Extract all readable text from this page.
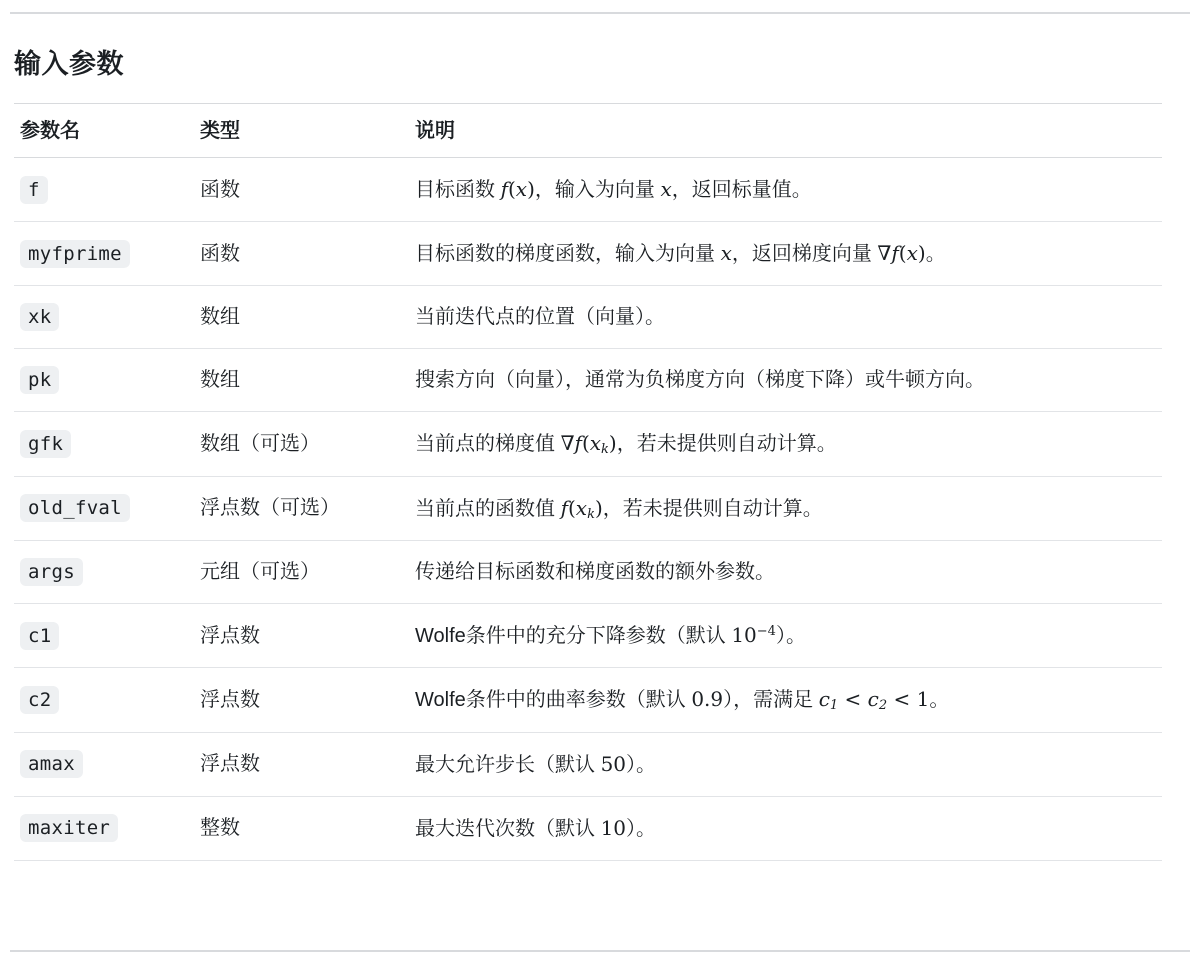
输入参数
参数名	类型	说明
f	函数	目标函数 f(x)，输入为向量 x，返回标量值。
myfprime	函数	目标函数的梯度函数，输入为向量 x，返回梯度向量 ∇f(x)。
xk	数组	当前迭代点的位置（向量）。
pk	数组	搜索方向（向量），通常为负梯度方向（梯度下降）或牛顿方向。
gfk	数组（可选）	当前点的梯度值 $\nabla f(x_k)$，若未提供则自动计算。
old_fval	浮点数（可选）	当前点的函数值 $f(x_k)$，若未提供则自动计算。
args	元组（可选）	传递给目标函数和梯度函数的额外参数。
c1	浮点数	Wolfe条件中的充分下降参数（默认 $10^{-4}$）。
c2	浮点数	Wolfe条件中的曲率参数（默认 0.9），需满足 $c_1 < c_2 < 1$。
amax	浮点数	最大允许步长（默认 50）。
maxiter	整数	最大迭代次数（默认 10）。
